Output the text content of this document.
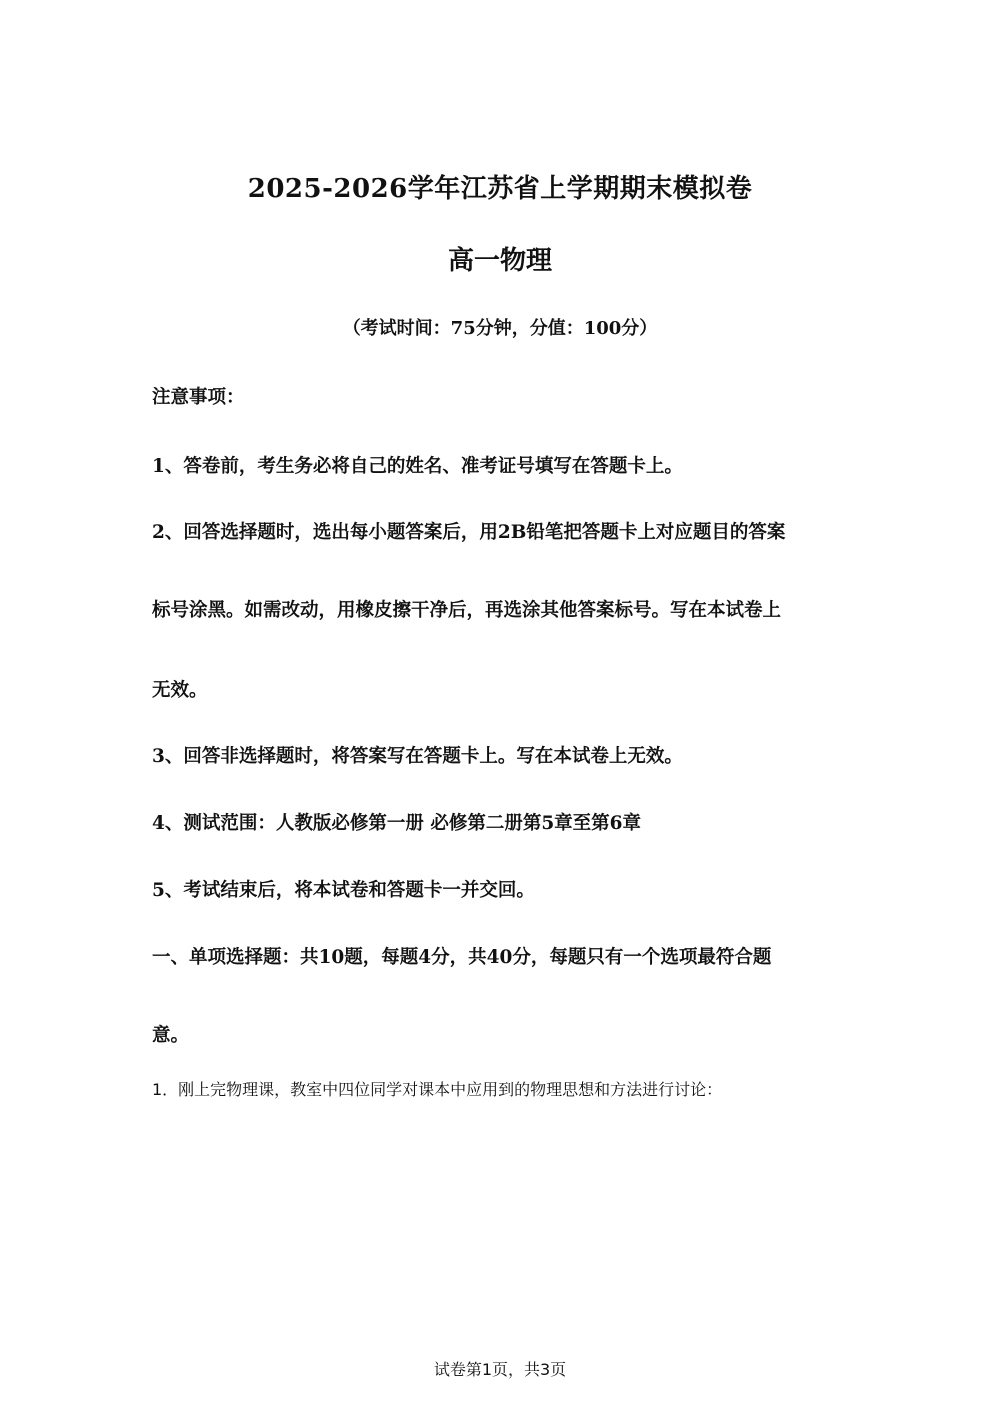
2025-2026学年江苏省上学期期末模拟卷
高一物理
（考试时间：75分钟，分值：100分）
注意事项：
1、答卷前，考生务必将自己的姓名、准考证号填写在答题卡上。
2、回答选择题时，选出每小题答案后，用2B铅笔把答题卡上对应题目的答案
标号涂黑。如需改动，用橡皮擦干净后，再选涂其他答案标号。写在本试卷上
无效。
3、回答非选择题时，将答案写在答题卡上。写在本试卷上无效。
4、测试范围：人教版必修第一册 必修第二册第5章至第6章
5、考试结束后，将本试卷和答题卡一并交回。
一、单项选择题：共10题，每题4分，共40分，每题只有一个选项最符合题
意。
1．刚上完物理课，教室中四位同学对课本中应用到的物理思想和方法进行讨论：
试卷第1页，共3页
